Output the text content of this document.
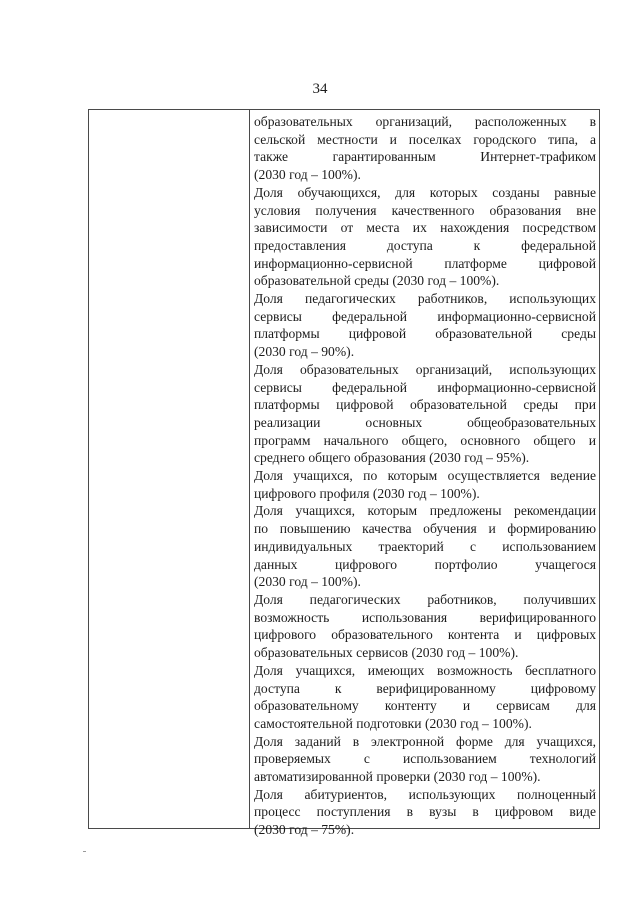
34
образовательных организаций, расположенных в
сельской местности и поселках городского типа, а
также гарантированным Интернет-трафиком
(2030 год – 100%).
Доля обучающихся, для которых созданы равные
условия получения качественного образования вне
зависимости от места их нахождения посредством
предоставления доступа к федеральной
информационно-сервисной платформе цифровой
образовательной среды (2030 год – 100%).
Доля педагогических работников, использующих
сервисы федеральной информационно-сервисной
платформы цифровой образовательной среды
(2030 год – 90%).
Доля образовательных организаций, использующих
сервисы федеральной информационно-сервисной
платформы цифровой образовательной среды при
реализации основных общеобразовательных
программ начального общего, основного общего и
среднего общего образования (2030 год – 95%).
Доля учащихся, по которым осуществляется ведение
цифрового профиля (2030 год – 100%).
Доля учащихся, которым предложены рекомендации
по повышению качества обучения и формированию
индивидуальных траекторий с использованием
данных цифрового портфолио учащегося
(2030 год – 100%).
Доля педагогических работников, получивших
возможность использования верифицированного
цифрового образовательного контента и цифровых
образовательных сервисов (2030 год – 100%).
Доля учащихся, имеющих возможность бесплатного
доступа к верифицированному цифровому
образовательному контенту и сервисам для
самостоятельной подготовки (2030 год – 100%).
Доля заданий в электронной форме для учащихся,
проверяемых с использованием технологий
автоматизированной проверки (2030 год – 100%).
Доля абитуриентов, использующих полноценный
процесс поступления в вузы в цифровом виде
(2030 год – 75%).
